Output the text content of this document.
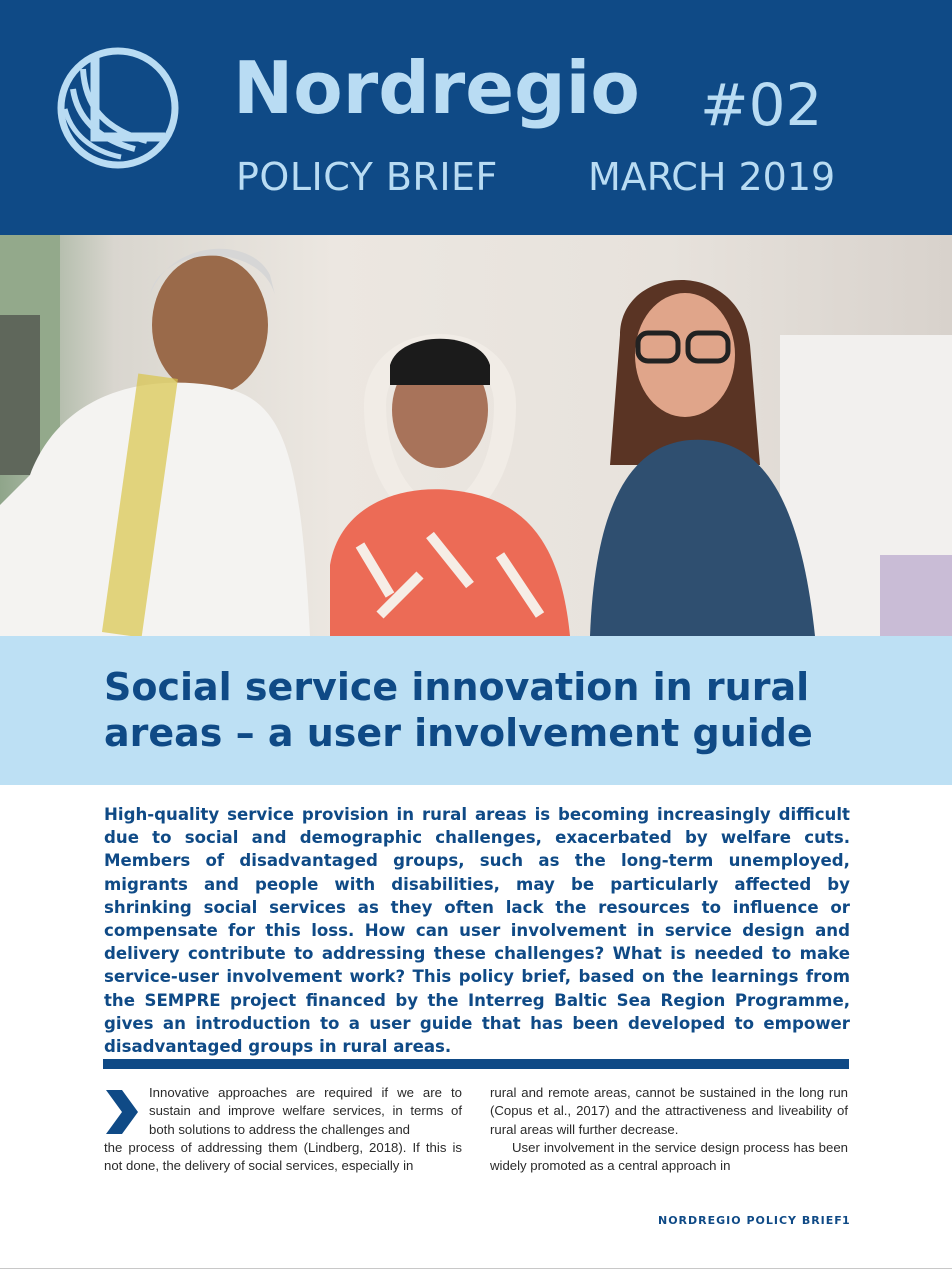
Nordregio #02
POLICY BRIEF MARCH 2019
Social service innovation in rural
areas – a user involvement guide

High-quality service provision in rural areas is becoming increasingly difficult due to social and demographic challenges, exacerbated by welfare cuts. Members of disadvantaged groups, such as the long-term unemployed, migrants and people with disabilities, may be particularly affected by shrinking social services as they often lack the resources to influence or compensate for this loss. How can user involvement in service design and delivery contribute to addressing these challenges? What is needed to make service-user involvement work? This policy brief, based on the learnings from the SEMPRE project financed by the Interreg Baltic Sea Region Programme, gives an introduction to a user guide that has been developed to empower disadvantaged groups in rural areas.

Innovative approaches are required if we are to sustain and improve welfare services, in terms of both solutions to address the challenges and
the process of addressing them (Lindberg, 2018). If this is not done, the delivery of social services, especially in
rural and remote areas, cannot be sustained in the long run (Copus et al., 2017) and the attractiveness and liveability of rural areas will further decrease.
User involvement in the service design process has been widely promoted as a central approach in
NORDREGIO POLICY BRIEF 1
